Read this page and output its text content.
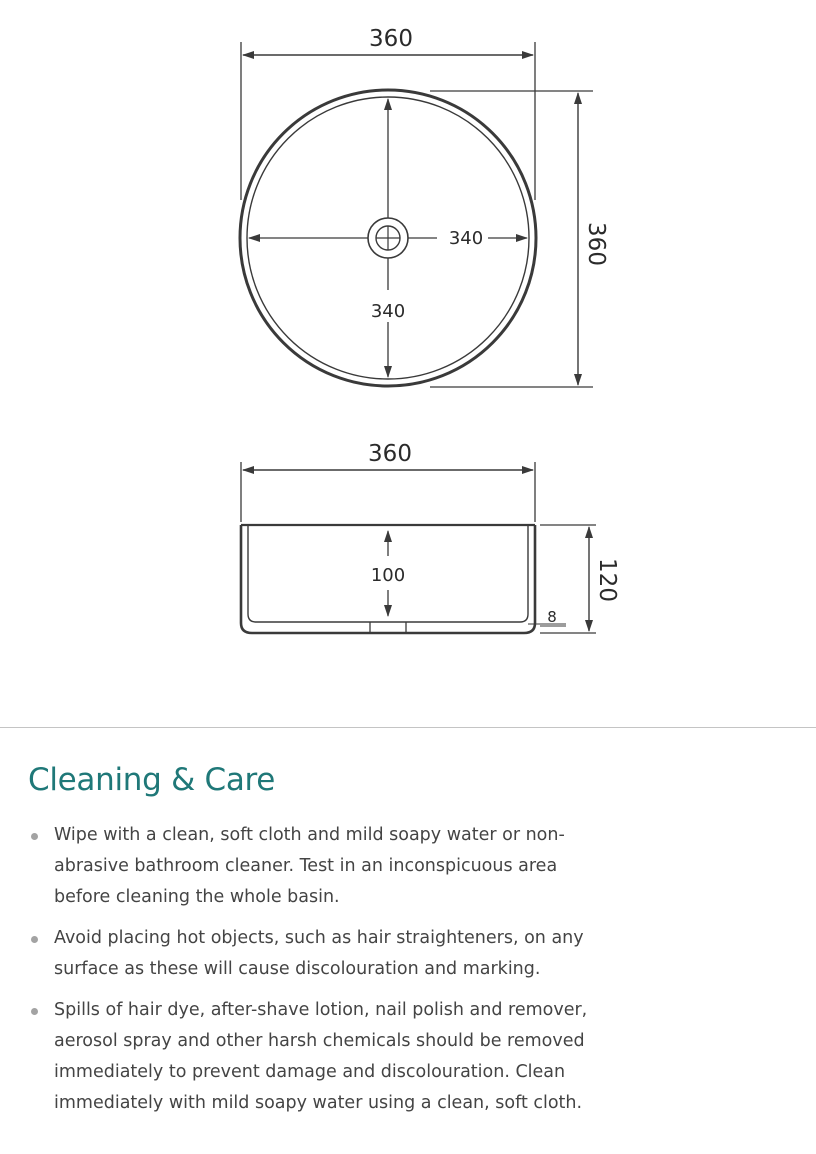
360
360
340
340
360
100	120
8
Cleaning & Care
Wipe with a clean, soft cloth and mild soapy water or non-
abrasive bathroom cleaner. Test in an inconspicuous area
before cleaning the whole basin.
Avoid placing hot objects, such as hair straighteners, on any
surface as these will cause discolouration and marking.
Spills of hair dye, after-shave lotion, nail polish and remover,
aerosol spray and other harsh chemicals should be removed
immediately to prevent damage and discolouration. Clean
immediately with mild soapy water using a clean, soft cloth.
